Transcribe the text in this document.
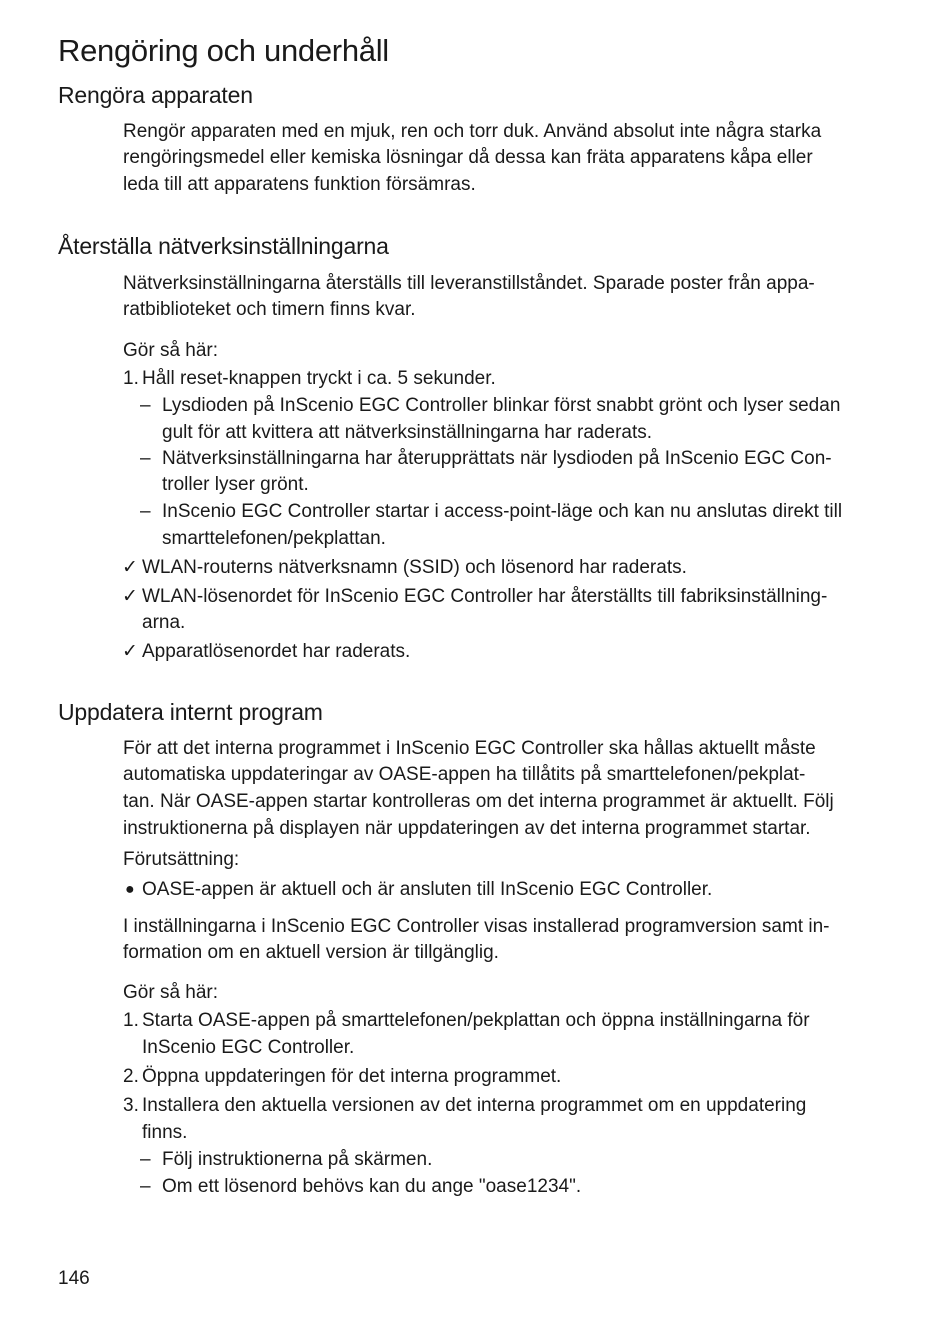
Rengöring och underhåll
Rengöra apparaten
Rengör apparaten med en mjuk, ren och torr duk. Använd absolut inte några starka
rengöringsmedel eller kemiska lösningar då dessa kan fräta apparatens kåpa eller
leda till att apparatens funktion försämras.
Återställa nätverksinställningarna
Nätverksinställningarna återställs till leveranstillståndet. Sparade poster från appa-
ratbiblioteket och timern finns kvar.
Gör så här:
1. Håll reset-knappen tryckt i ca. 5 sekunder.
– Lysdioden på InScenio EGC Controller blinkar först snabbt grönt och lyser sedan
gult för att kvittera att nätverksinställningarna har raderats.
– Nätverksinställningarna har återupprättats när lysdioden på InScenio EGC Con-
troller lyser grönt.
– InScenio EGC Controller startar i access-point-läge och kan nu anslutas direkt till
smarttelefonen/pekplattan.
✓ WLAN-routerns nätverksnamn (SSID) och lösenord har raderats.
✓ WLAN-lösenordet för InScenio EGC Controller har återställts till fabriksinställning-
arna.
✓ Apparatlösenordet har raderats.
Uppdatera internt program
För att det interna programmet i InScenio EGC Controller ska hållas aktuellt måste
automatiska uppdateringar av OASE-appen ha tillåtits på smarttelefonen/pekplat-
tan. När OASE-appen startar kontrolleras om det interna programmet är aktuellt. Följ
instruktionerna på displayen när uppdateringen av det interna programmet startar.
Förutsättning:
● OASE-appen är aktuell och är ansluten till InScenio EGC Controller.
I inställningarna i InScenio EGC Controller visas installerad programversion samt in-
formation om en aktuell version är tillgänglig.
Gör så här:
1. Starta OASE-appen på smarttelefonen/pekplattan och öppna inställningarna för
InScenio EGC Controller.
2. Öppna uppdateringen för det interna programmet.
3. Installera den aktuella versionen av det interna programmet om en uppdatering
finns.
– Följ instruktionerna på skärmen.
– Om ett lösenord behövs kan du ange "oase1234".
146
